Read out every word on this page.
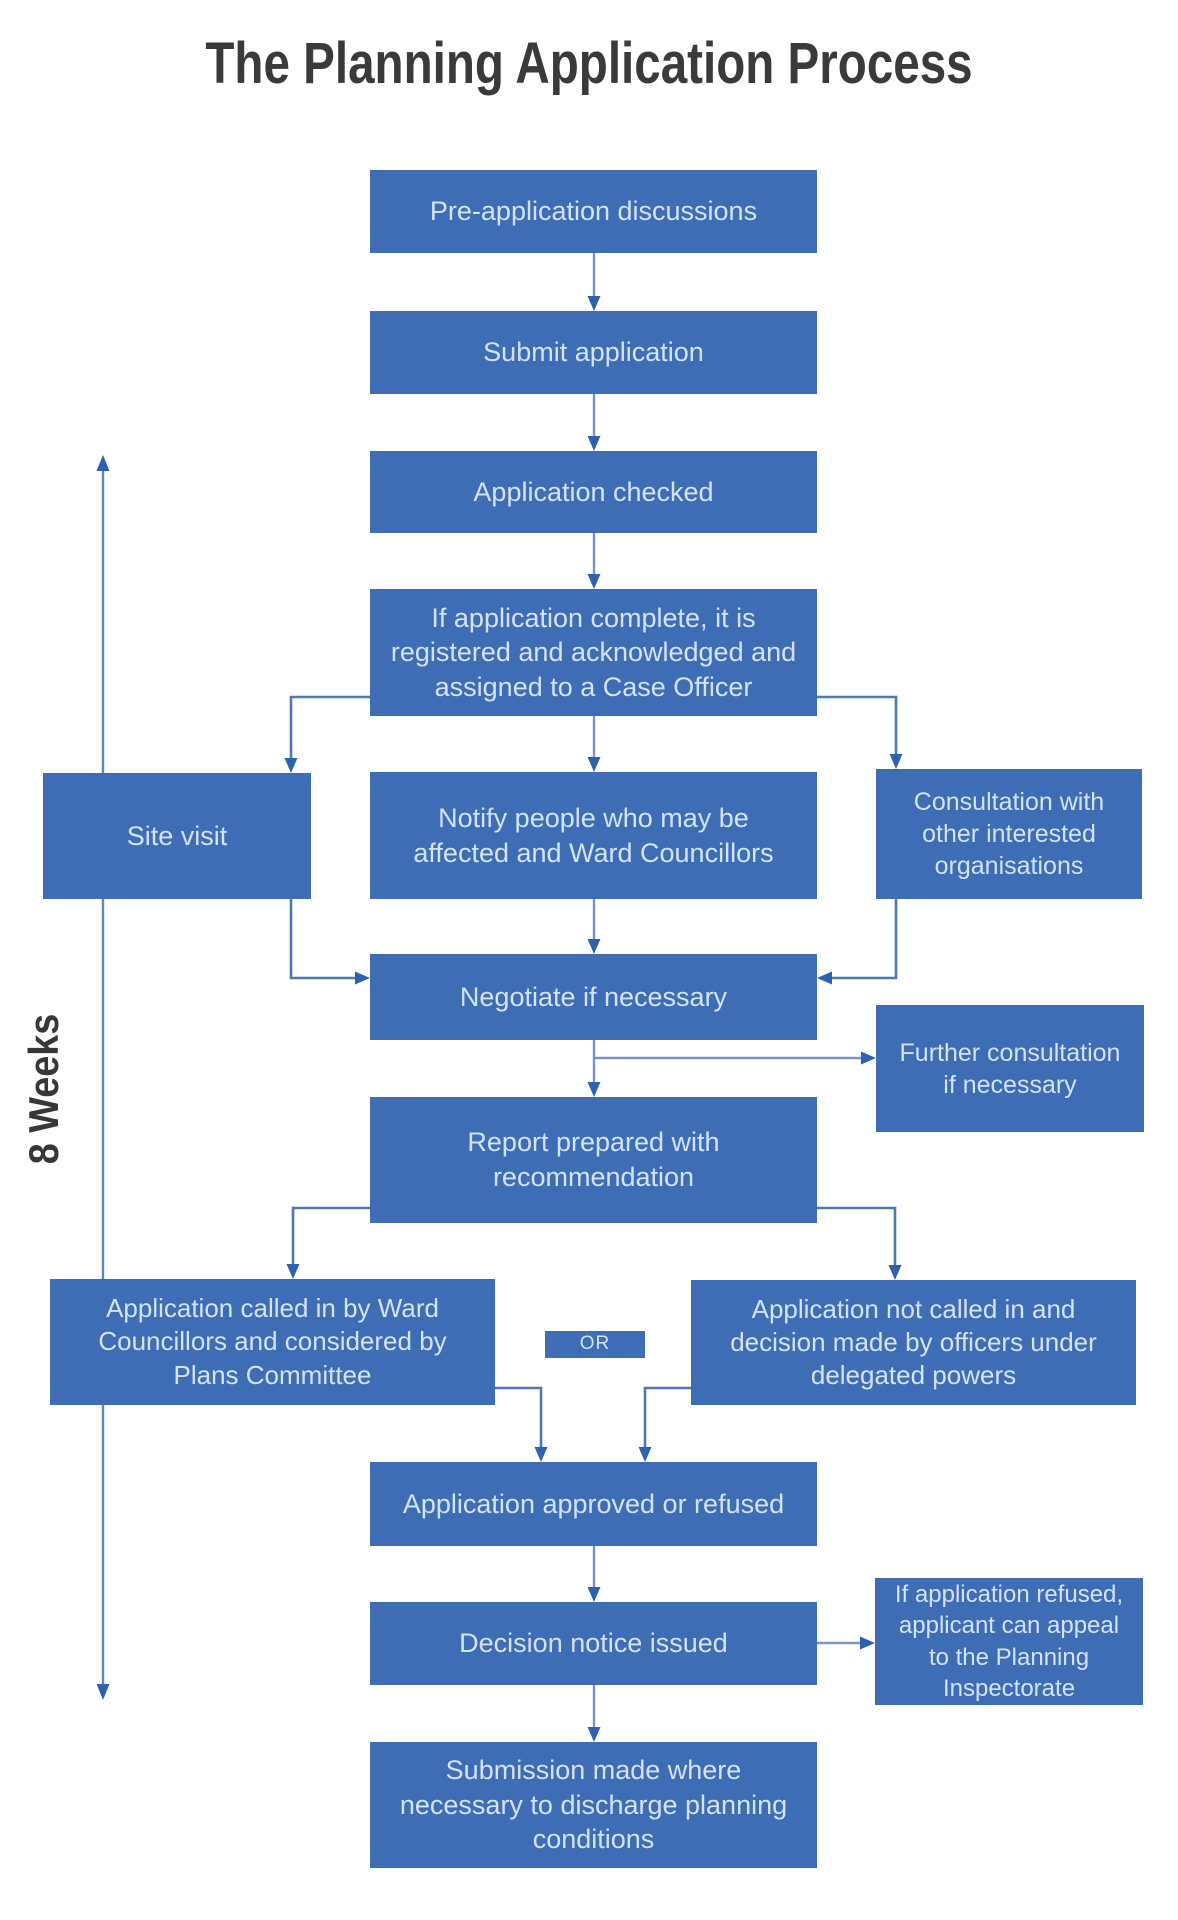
The Planning Application Process
8 Weeks
Pre-application discussions
Submit application
Application checked
If application complete, it is registered and acknowledged and assigned to a Case Officer
Site visit
Notify people who may be affected and Ward Councillors
Consultation with other interested organisations
Negotiate if necessary
Further consultation if necessary
Report prepared with recommendation
Application called in by Ward Councillors and considered by Plans Committee
OR
Application not called in and decision made by officers under delegated powers
Application approved or refused
Decision notice issued
If application refused, applicant can appeal to the Planning Inspectorate
Submission made where necessary to discharge planning conditions
